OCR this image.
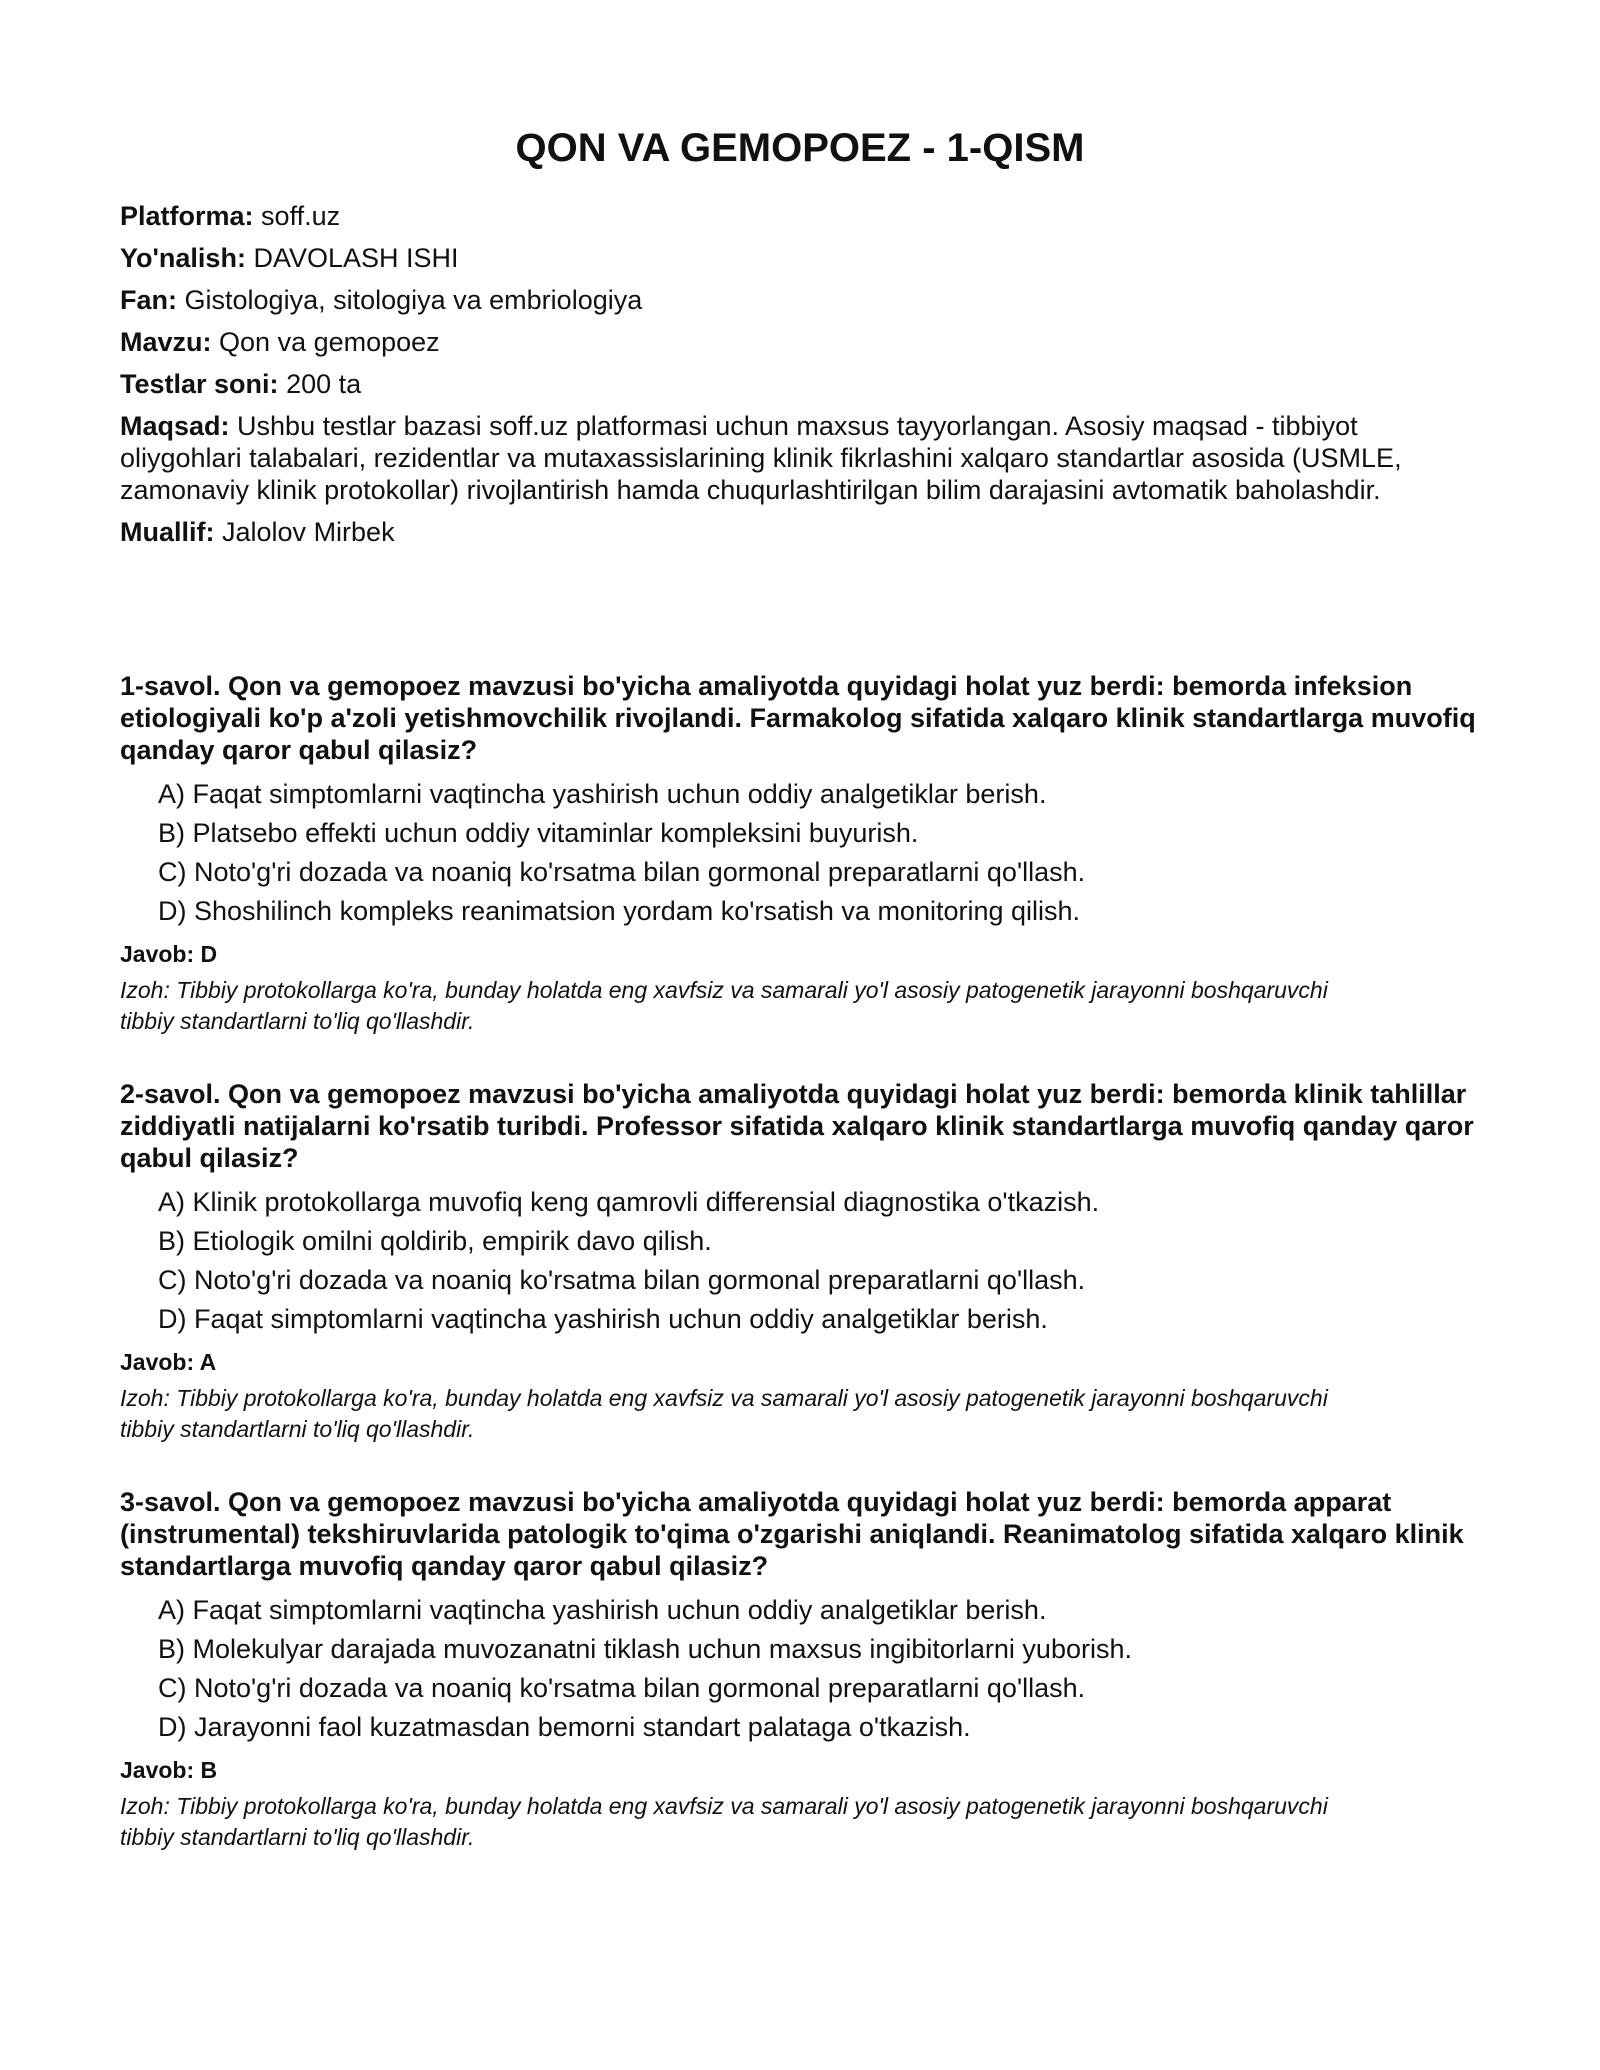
QON VA GEMOPOEZ - 1-QISM
Platforma: soff.uz
Yo'nalish: DAVOLASH ISHI
Fan: Gistologiya, sitologiya va embriologiya
Mavzu: Qon va gemopoez
Testlar soni: 200 ta
Maqsad: Ushbu testlar bazasi soff.uz platformasi uchun maxsus tayyorlangan. Asosiy maqsad - tibbiyot oliygohlari talabalari, rezidentlar va mutaxassislarining klinik fikrlashini xalqaro standartlar asosida (USMLE, zamonaviy klinik protokollar) rivojlantirish hamda chuqurlashtirilgan bilim darajasini avtomatik baholashdir.
Muallif: Jalolov Mirbek

1-savol. Qon va gemopoez mavzusi bo'yicha amaliyotda quyidagi holat yuz berdi: bemorda infeksion etiologiyali ko'p a'zoli yetishmovchilik rivojlandi. Farmakolog sifatida xalqaro klinik standartlarga muvofiq qanday qaror qabul qilasiz?

A) Faqat simptomlarni vaqtincha yashirish uchun oddiy analgetiklar berish.
B) Platsebo effekti uchun oddiy vitaminlar kompleksini buyurish.
C) Noto'g'ri dozada va noaniq ko'rsatma bilan gormonal preparatlarni qo'llash.
D) Shoshilinch kompleks reanimatsion yordam ko'rsatish va monitoring qilish.
Javob: D
Izoh: Tibbiy protokollarga ko'ra, bunday holatda eng xavfsiz va samarali yo'l asosiy patogenetik jarayonni boshqaruvchi tibbiy standartlarni to'liq qo'llashdir.

2-savol. Qon va gemopoez mavzusi bo'yicha amaliyotda quyidagi holat yuz berdi: bemorda klinik tahlillar ziddiyatli natijalarni ko'rsatib turibdi. Professor sifatida xalqaro klinik standartlarga muvofiq qanday qaror qabul qilasiz?

A) Klinik protokollarga muvofiq keng qamrovli differensial diagnostika o'tkazish.
B) Etiologik omilni qoldirib, empirik davo qilish.
C) Noto'g'ri dozada va noaniq ko'rsatma bilan gormonal preparatlarni qo'llash.
D) Faqat simptomlarni vaqtincha yashirish uchun oddiy analgetiklar berish.
Javob: A
Izoh: Tibbiy protokollarga ko'ra, bunday holatda eng xavfsiz va samarali yo'l asosiy patogenetik jarayonni boshqaruvchi tibbiy standartlarni to'liq qo'llashdir.

3-savol. Qon va gemopoez mavzusi bo'yicha amaliyotda quyidagi holat yuz berdi: bemorda apparat (instrumental) tekshiruvlarida patologik to'qima o'zgarishi aniqlandi. Reanimatolog sifatida xalqaro klinik standartlarga muvofiq qanday qaror qabul qilasiz?

A) Faqat simptomlarni vaqtincha yashirish uchun oddiy analgetiklar berish.
B) Molekulyar darajada muvozanatni tiklash uchun maxsus ingibitorlarni yuborish.
C) Noto'g'ri dozada va noaniq ko'rsatma bilan gormonal preparatlarni qo'llash.
D) Jarayonni faol kuzatmasdan bemorni standart palataga o'tkazish.
Javob: B
Izoh: Tibbiy protokollarga ko'ra, bunday holatda eng xavfsiz va samarali yo'l asosiy patogenetik jarayonni boshqaruvchi tibbiy standartlarni to'liq qo'llashdir.
